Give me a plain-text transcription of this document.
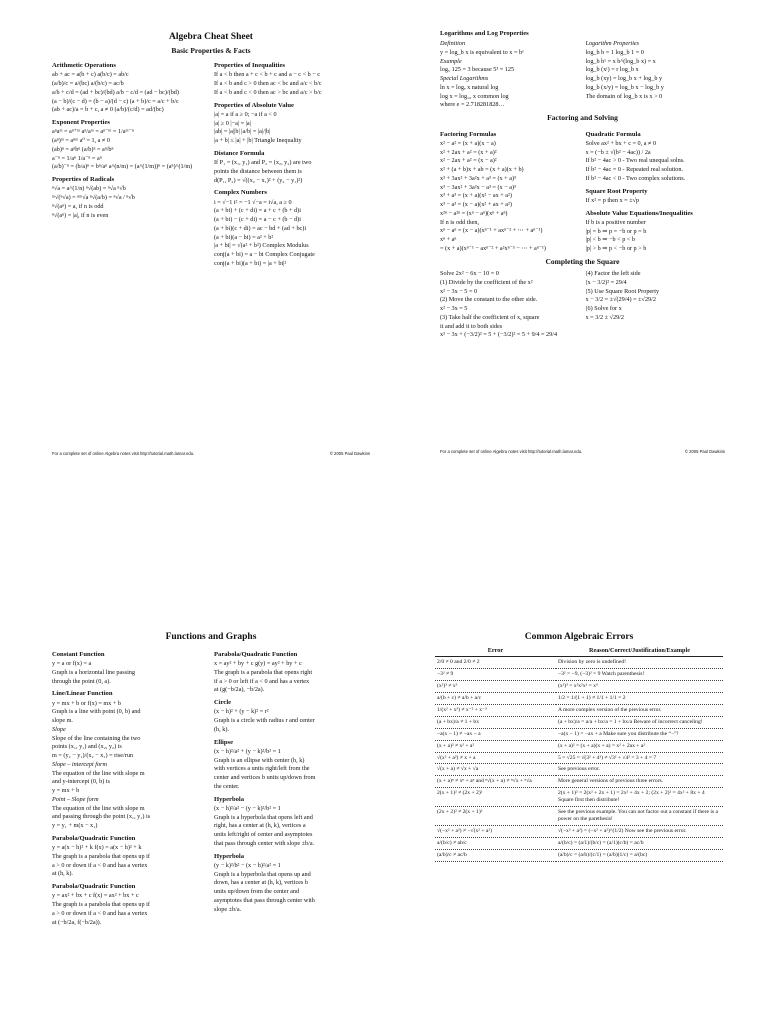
Algebra Cheat Sheet
Basic Properties & Facts
Arithmetic Operations
ab + ac = a(b + c) a(b/c) = ab/c
(a/b)/c = a/(bc) a/(b/c) = ac/b
a/b + c/d = (ad + bc)/(bd) a/b − c/d = (ad − bc)/(bd)
(a − b)/(c − d) = (b − a)/(d − c) (a + b)/c = a/c + b/c
(ab + ac)/a = b + c, a ≠ 0 (a/b)/(c/d) = ad/(bc)
Exponent Properties
aⁿaᵐ = aⁿ⁺ᵐ aⁿ/aᵐ = aⁿ⁻ᵐ = 1/aᵐ⁻ⁿ
(aⁿ)ᵐ = aⁿᵐ a⁰ = 1, a ≠ 0
(ab)ⁿ = aⁿbⁿ (a/b)ⁿ = aⁿ/bⁿ
a⁻ⁿ = 1/aⁿ 1/a⁻ⁿ = aⁿ
(a/b)⁻ⁿ = (b/a)ⁿ = bⁿ/aⁿ a^(n/m) = (a^(1/m))ⁿ = (aⁿ)^(1/m)
Properties of Radicals
ⁿ√a = a^(1/n) ⁿ√(ab) = ⁿ√a ⁿ√b
ᵐ√(ⁿ√a) = ⁿᵐ√a ⁿ√(a/b) = ⁿ√a / ⁿ√b
ⁿ√(aⁿ) = a, if n is odd
ⁿ√(aⁿ) = |a|, if n is even
Properties of Inequalities
If a < b then a + c < b + c and a − c < b − c
If a < b and c > 0 then ac < bc and a/c < b/c
If a < b and c < 0 then ac > bc and a/c > b/c
Properties of Absolute Value
|a| = a if a ≥ 0; −a if a < 0
|a| ≥ 0 |−a| = |a|
|ab| = |a||b| |a/b| = |a|/|b|
|a + b| ≤ |a| + |b| Triangle Inequality
Distance Formula
If P₁ = (x₁, y₁) and P₂ = (x₂, y₂) are two
points the distance between them is
d(P₁, P₂) = √((x₂ − x₁)² + (y₂ − y₁)²)
Complex Numbers
i = √−1 i² = −1 √−a = i√a, a ≥ 0
(a + bi) + (c + di) = a + c + (b + d)i
(a + bi) − (c + di) = a − c + (b − d)i
(a + bi)(c + di) = ac − bd + (ad + bc)i
(a + bi)(a − bi) = a² + b²
|a + bi| = √(a² + b²) Complex Modulus
conj(a + bi) = a − bi Complex Conjugate
conj(a + bi)(a + bi) = |a + bi|²
For a complete set of online Algebra notes visit http://tutorial.math.lamar.edu.	© 2005 Paul Dawkins
Logarithms and Log Properties
Definition
y = log_b x is equivalent to x = bʸ
Example
log₅ 125 = 3 because 5³ = 125
Special Logarithms
ln x = logₑ x natural log
log x = log₁₀ x common log
where e = 2.718281828…
Logarithm Properties
log_b b = 1 log_b 1 = 0
log_b bˣ = x b^(log_b x) = x
log_b (xʳ) = r log_b x
log_b (xy) = log_b x + log_b y
log_b (x/y) = log_b x − log_b y
The domain of log_b x is x > 0
Factoring and Solving
Factoring Formulas
x² − a² = (x + a)(x − a)
x² + 2ax + a² = (x + a)²
x² − 2ax + a² = (x − a)²
x² + (a + b)x + ab = (x + a)(x + b)
x³ + 3ax² + 3a²x + a³ = (x + a)³
x³ − 3ax² + 3a²x − a³ = (x − a)³
x³ + a³ = (x + a)(x² − ax + a²)
x³ − a³ = (x − a)(x² + ax + a²)
x²ⁿ − a²ⁿ = (xⁿ − aⁿ)(xⁿ + aⁿ)
If n is odd then,
xⁿ − aⁿ = (x − a)(xⁿ⁻¹ + axⁿ⁻² + ⋯ + aⁿ⁻¹)
xⁿ + aⁿ
= (x + a)(xⁿ⁻¹ − axⁿ⁻² + a²xⁿ⁻³ − ⋯ + aⁿ⁻¹)
Quadratic Formula
Solve ax² + bx + c = 0, a ≠ 0
x = (−b ± √(b² − 4ac)) / 2a
If b² − 4ac > 0 - Two real unequal solns.
If b² − 4ac = 0 - Repeated real solution.
If b² − 4ac < 0 - Two complex solutions.
Square Root Property
If x² = p then x = ±√p
Absolute Value Equations/Inequalities
If b is a positive number
|p| = b ⇒ p = −b or p = b
|p| < b ⇒ −b < p < b
|p| > b ⇒ p < −b or p > b
Completing the Square
Solve 2x² − 6x − 10 = 0
(1) Divide by the coefficient of the x²
x² − 3x − 5 = 0
(2) Move the constant to the other side.
x² − 3x = 5
(3) Take half the coefficient of x, square
it and add it to both sides
x² − 3x + (−3/2)² = 5 + (−3/2)² = 5 + 9/4 = 29/4
(4) Factor the left side
(x − 3/2)² = 29/4
(5) Use Square Root Property
x − 3/2 = ±√(29/4) = ±√29/2
(6) Solve for x
x = 3/2 ± √29/2
For a complete set of online Algebra notes visit http://tutorial.math.lamar.edu.	© 2005 Paul Dawkins
Functions and Graphs
Constant Function
y = a or f(x) = a
Graph is a horizontal line passing
through the point (0, a).
Line/Linear Function
y = mx + b or f(x) = mx + b
Graph is a line with point (0, b) and
slope m.
Slope
Slope of the line containing the two
points (x₁, y₁) and (x₂, y₂) is
m = (y₂ − y₁)/(x₂ − x₁) = rise/run
Slope – intercept form
The equation of the line with slope m
and y-intercept (0, b) is
y = mx + b
Point – Slope form
The equation of the line with slope m
and passing through the point (x₁, y₁) is
y = y₁ + m(x − x₁)
Parabola/Quadratic Function
y = a(x − h)² + k f(x) = a(x − h)² + k
The graph is a parabola that opens up if
a > 0 or down if a < 0 and has a vertex
at (h, k).
Parabola/Quadratic Function
y = ax² + bx + c f(x) = ax² + bx + c
The graph is a parabola that opens up if
a > 0 or down if a < 0 and has a vertex
at (−b/2a, f(−b/2a)).
Parabola/Quadratic Function
x = ay² + by + c g(y) = ay² + by + c
The graph is a parabola that opens right
if a > 0 or left if a < 0 and has a vertex
at (g(−b/2a), −b/2a).
Circle
(x − h)² + (y − k)² = r²
Graph is a circle with radius r and center
(h, k).
Ellipse
(x − h)²/a² + (y − k)²/b² = 1
Graph is an ellipse with center (h, k)
with vertices a units right/left from the
center and vertices b units up/down from
the center.
Hyperbola
(x − h)²/a² − (y − k)²/b² = 1
Graph is a hyperbola that opens left and
right, has a center at (h, k), vertices a
units left/right of center and asymptotes
that pass through center with slope ±b/a.
Hyperbola
(y − k)²/b² − (x − h)²/a² = 1
Graph is a hyperbola that opens up and
down, has a center at (h, k), vertices b
units up/down from the center and
asymptotes that pass through center with
slope ±b/a.
Common Algebraic Errors
Error	Reason/Correct/Justification/Example
2/0 ≠ 0 and 2/0 ≠ 2	Division by zero is undefined!
−3² ≠ 9	−3² = −9, (−3)² = 9 Watch parenthesis!
(x²)³ ≠ x⁵	(x²)³ = x²x²x² = x⁶
a/(b + c) ≠ a/b + a/c	1/2 = 1/(1 + 1) ≠ 1/1 + 1/1 = 2
1/(x² + x³) ≠ x⁻² + x⁻³	A more complex version of the previous error.
(a + bx)/a ≠ 1 + bx	(a + bx)/a = a/a + bx/a = 1 + bx/a Beware of incorrect canceling!
−a(x − 1) ≠ −ax − a	−a(x − 1) = −ax + a Make sure you distribute the “−”!
(x + a)² ≠ x² + a²	(x + a)² = (x + a)(x + a) = x² + 2ax + a²
√(x² + a²) ≠ x + a	5 = √25 = √(3² + 4²) ≠ √3² + √4² = 3 + 4 = 7
√(x + a) ≠ √x + √a	See previous error.
(x + a)ⁿ ≠ xⁿ + aⁿ and ⁿ√(x + a) ≠ ⁿ√x + ⁿ√a	More general versions of previous three errors.
2(x + 1)² ≠ (2x + 2)²	2(x + 1)² = 2(x² + 2x + 1) = 2x² + 4x + 2; (2x + 2)² = 4x² + 8x + 4 Square first then distribute!
(2x + 2)² ≠ 2(x + 1)²	See the previous example. You can not factor out a constant if there is a power on the parethesis!
√(−x² + a²) ≠ −√(x² + a²)	√(−x² + a²) = (−x² + a²)^(1/2) Now see the previous error.
a/(b/c) ≠ ab/c	a/(b/c) = (a/1)/(b/c) = (a/1)(c/b) = ac/b
(a/b)/c ≠ ac/b	(a/b)/c = (a/b)/(c/1) = (a/b)(1/c) = a/(bc)
